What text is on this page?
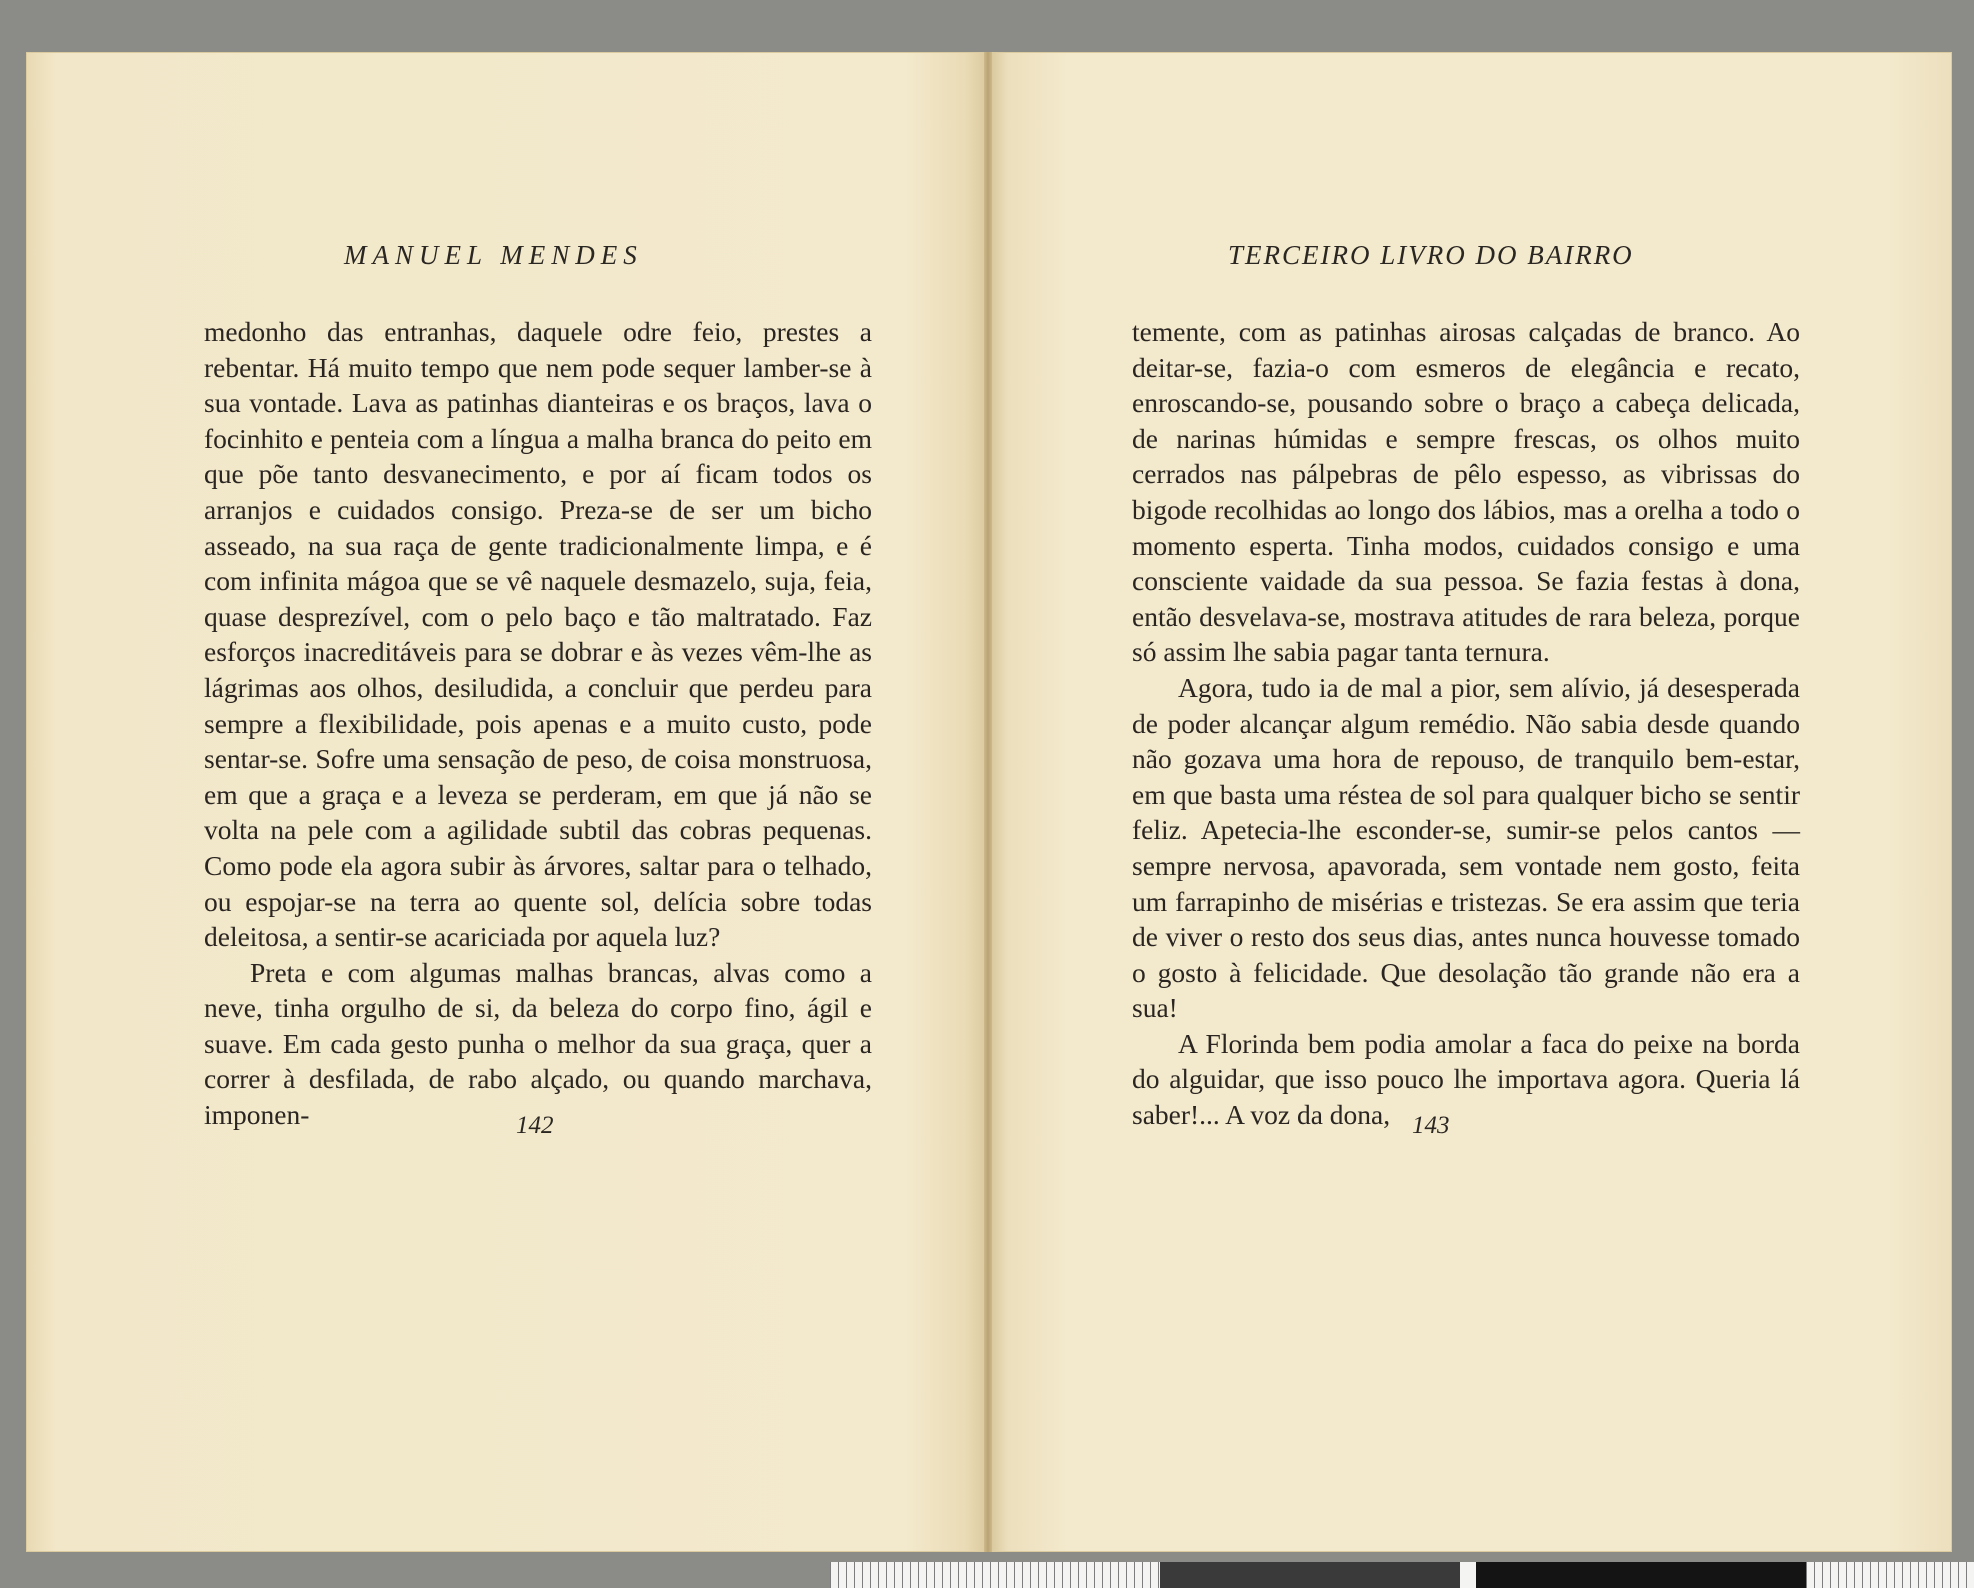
MANUEL MENDES

medonho das entranhas, daquele odre feio, prestes a rebentar. Há muito tempo que nem pode sequer lamber-se à sua vontade. Lava as patinhas dianteiras e os braços, lava o focinhito e penteia com a língua a malha branca do peito em que põe tanto desvanecimento, e por aí ficam todos os arranjos e cuidados consigo. Preza-se de ser um bicho asseado, na sua raça de gente tradicionalmente limpa, e é com infinita mágoa que se vê naquele desmazelo, suja, feia, quase desprezível, com o pelo baço e tão maltratado. Faz esforços inacreditáveis para se dobrar e às vezes vêm-lhe as lágrimas aos olhos, desiludida, a concluir que perdeu para sempre a flexibilidade, pois apenas e a muito custo, pode sentar-se. Sofre uma sensação de peso, de coisa monstruosa, em que a graça e a leveza se perderam, em que já não se volta na pele com a agilidade subtil das cobras pequenas. Como pode ela agora subir às árvores, saltar para o telhado, ou espojar-se na terra ao quente sol, delícia sobre todas deleitosa, a sentir-se acariciada por aquela luz?

Preta e com algumas malhas brancas, alvas como a neve, tinha orgulho de si, da beleza do corpo fino, ágil e suave. Em cada gesto punha o melhor da sua graça, quer a correr à desfilada, de rabo alçado, ou quando marchava, imponen-	142
TERCEIRO LIVRO DO BAIRRO

temente, com as patinhas airosas calçadas de branco. Ao deitar-se, fazia-o com esmeros de elegância e recato, enroscando-se, pousando sobre o braço a cabeça delicada, de narinas húmidas e sempre frescas, os olhos muito cerrados nas pálpebras de pêlo espesso, as vibrissas do bigode recolhidas ao longo dos lábios, mas a orelha a todo o momento esperta. Tinha modos, cuidados consigo e uma consciente vaidade da sua pessoa. Se fazia festas à dona, então desvelava-se, mostrava atitudes de rara beleza, porque só assim lhe sabia pagar tanta ternura.

Agora, tudo ia de mal a pior, sem alívio, já desesperada de poder alcançar algum remédio. Não sabia desde quando não gozava uma hora de repouso, de tranquilo bem-estar, em que basta uma réstea de sol para qualquer bicho se sentir feliz. Apetecia-lhe esconder-se, sumir-se pelos cantos — sempre nervosa, apavorada, sem vontade nem gosto, feita um farrapinho de misérias e tristezas. Se era assim que teria de viver o resto dos seus dias, antes nunca houvesse tomado o gosto à felicidade. Que desolação tão grande não era a sua!

A Florinda bem podia amolar a faca do peixe na borda do alguidar, que isso pouco lhe importava agora. Queria lá saber!... A voz da dona, 143
